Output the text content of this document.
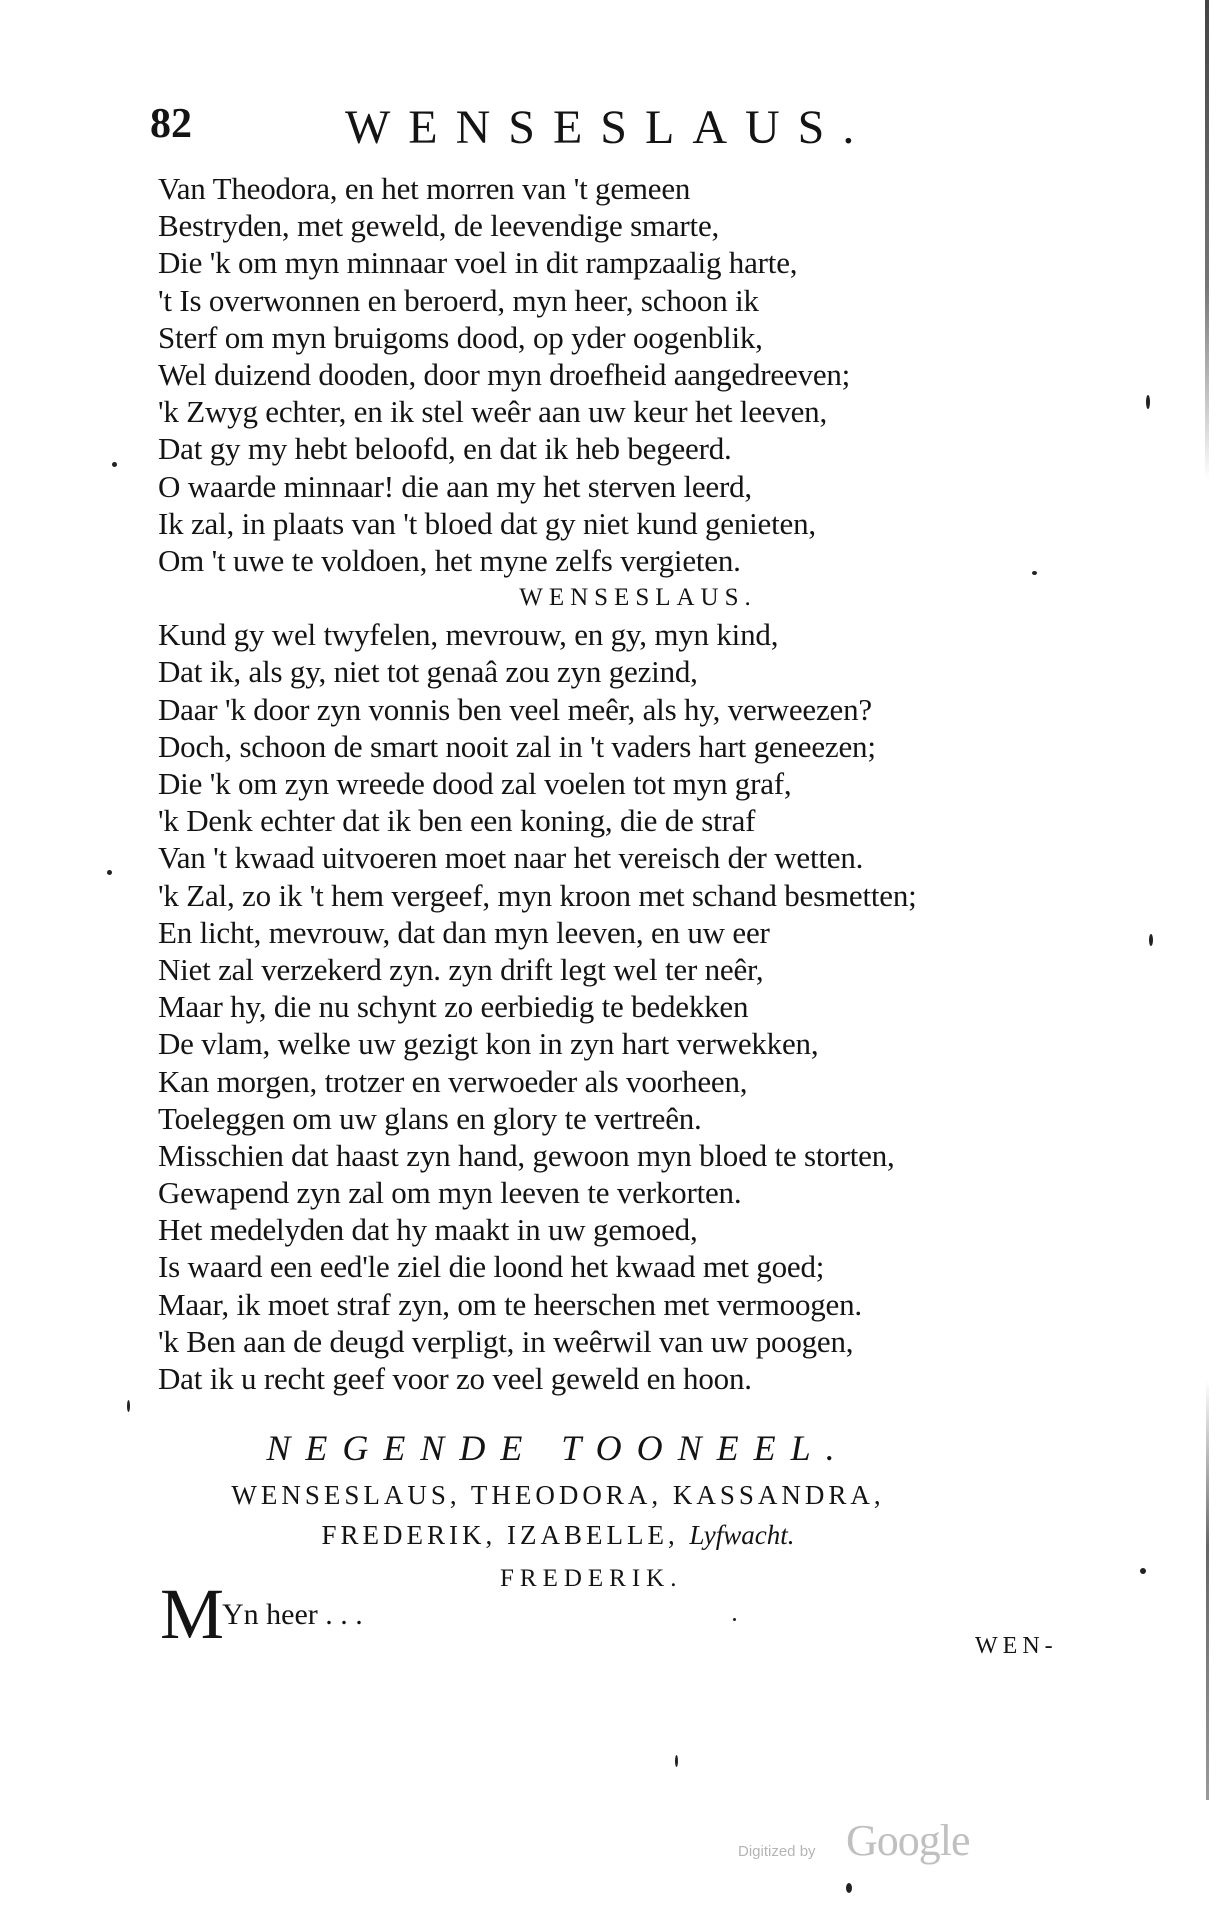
82	WENSESLAUS.
Van Theodora, en het morren van 't gemeen
Bestryden, met geweld, de leevendige smarte,
Die 'k om myn minnaar voel in dit rampzaalig harte,
't Is overwonnen en beroerd, myn heer, schoon ik
Sterf om myn bruigoms dood, op yder oogenblik,
Wel duizend dooden, door myn droefheid aangedreeven;
'k Zwyg echter, en ik stel weêr aan uw keur het leeven,
Dat gy my hebt beloofd, en dat ik heb begeerd.
O waarde minnaar! die aan my het sterven leerd,
Ik zal, in plaats van 't bloed dat gy niet kund genieten,
Om 't uwe te voldoen, het myne zelfs vergieten.
WENSESLAUS.
Kund gy wel twyfelen, mevrouw, en gy, myn kind,
Dat ik, als gy, niet tot genaâ zou zyn gezind,
Daar 'k door zyn vonnis ben veel meêr, als hy, verweezen?
Doch, schoon de smart nooit zal in 't vaders hart geneezen;
Die 'k om zyn wreede dood zal voelen tot myn graf,
'k Denk echter dat ik ben een koning, die de straf
Van 't kwaad uitvoeren moet naar het vereisch der wetten.
'k Zal, zo ik 't hem vergeef, myn kroon met schand besmetten;
En licht, mevrouw, dat dan myn leeven, en uw eer
Niet zal verzekerd zyn. zyn drift legt wel ter neêr,
Maar hy, die nu schynt zo eerbiedig te bedekken
De vlam, welke uw gezigt kon in zyn hart verwekken,
Kan morgen, trotzer en verwoeder als voorheen,
Toeleggen om uw glans en glory te vertreên.
Misschien dat haast zyn hand, gewoon myn bloed te storten,
Gewapend zyn zal om myn leeven te verkorten.
Het medelyden dat hy maakt in uw gemoed,
Is waard een eed'le ziel die loond het kwaad met goed;
Maar, ik moet straf zyn, om te heerschen met vermoogen.
'k Ben aan de deugd verpligt, in weêrwil van uw poogen,
Dat ik u recht geef voor zo veel geweld en hoon.
NEGENDE TOONEEL.
WENSESLAUS, THEODORA, KASSANDRA,
FREDERIK, IZABELLE, Lyfwacht.
FREDERIK.
M
Yn heer . . .
WEN-
Digitized by Google
